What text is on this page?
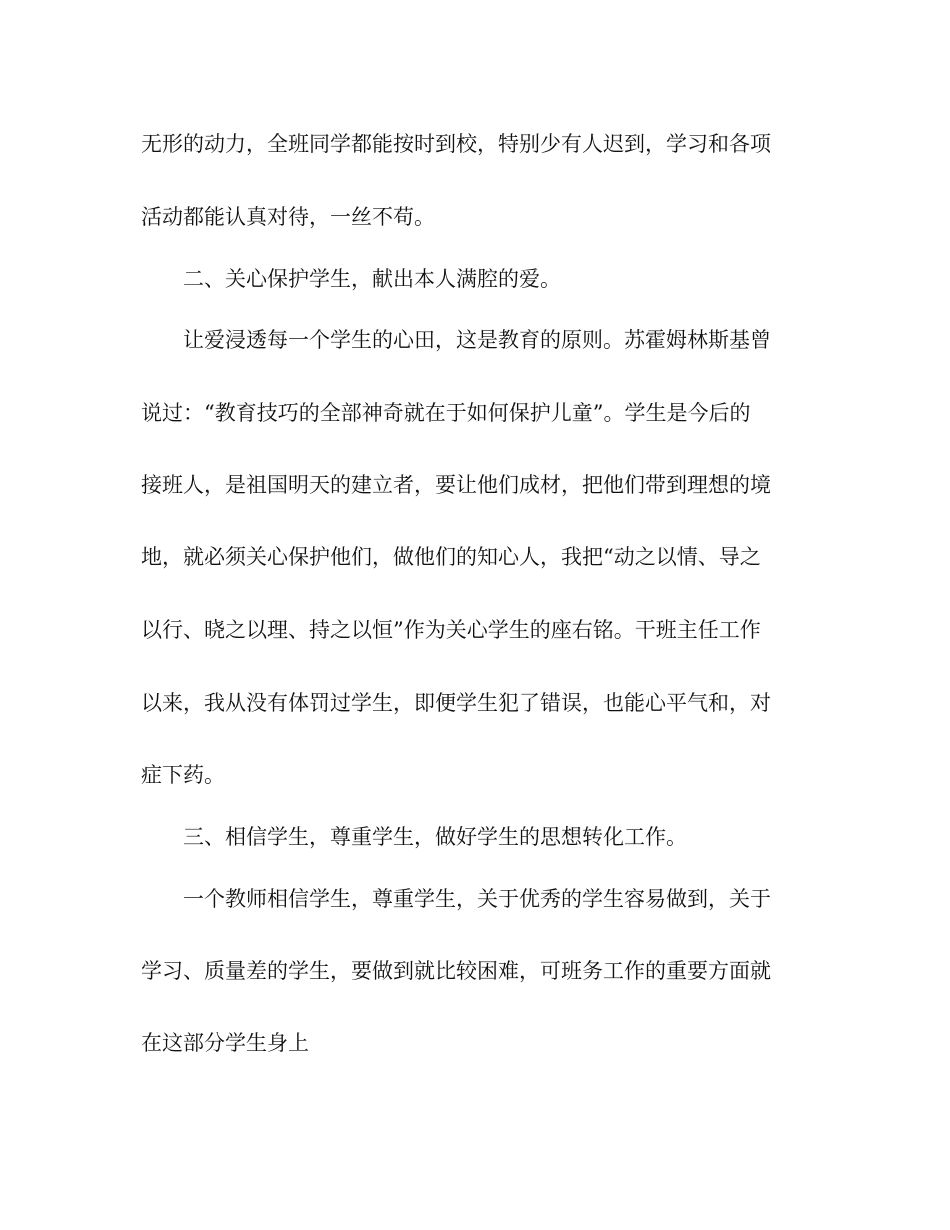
无形的动力，全班同学都能按时到校，特别少有人迟到，学习和各项
活动都能认真对待，一丝不苟。
二、关心保护学生，献出本人满腔的爱。
让爱浸透每一个学生的心田，这是教育的原则。苏霍姆林斯基曾
说过：“教育技巧的全部神奇就在于如何保护儿童”。学生是今后的
接班人，是祖国明天的建立者，要让他们成材，把他们带到理想的境
地，就必须关心保护他们，做他们的知心人，我把“动之以情、导之
以行、晓之以理、持之以恒”作为关心学生的座右铭。干班主任工作
以来，我从没有体罚过学生，即便学生犯了错误，也能心平气和，对
症下药。
三、相信学生，尊重学生，做好学生的思想转化工作。
一个教师相信学生，尊重学生，关于优秀的学生容易做到，关于
学习、质量差的学生，要做到就比较困难，可班务工作的重要方面就
在这部分学生身上
